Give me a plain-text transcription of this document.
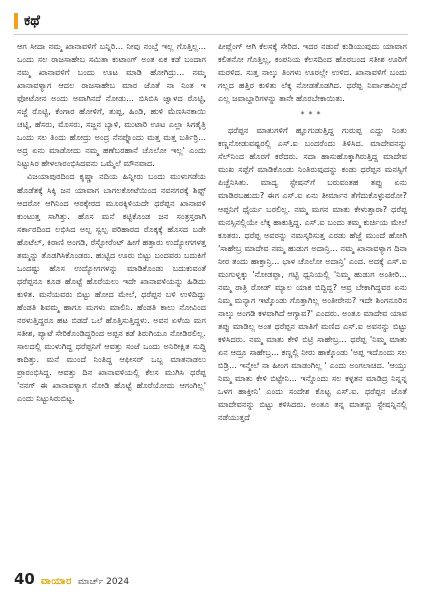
ಕಥೆ

ಆಗ ಸೀದಾ ನಮ್ಮ ಖಾನಾವಳಿಗೆ ಬನ್ನಿರಿ... ನೀವು ನಂಬ್ತೆ ಇಲ್ಲ ಗೊತ್ತಿಲ್ಲ... ಒಂದು ಸಲ ರಾಜಸಾಹೇಬ ಸಮಿತಾ ಕುಟಾಂಗ್ ಅಂತ ಏಕ ಕಡೆ ಬಂದಾಗ ನಮ್ಮ ಖಾನಾವಳಿಗೆ ಬಂದು ಊಟ ಮಾಡಿ ಹೋಗಿದ್ರು... ನಮ್ಮ ಖಾನಾವಳ್ಯಾಗ ಆದಲ ರಾಜಸಾಹೇಬ ಮಾರ ಜೊತೆ ನಾ ನಿಂತ ಇ ಫೋಟೋನ ಅಂದು ಅವಾಗಿನದೆ ನೋಡು... ಬಿಸಿಬಿಸಿ ಜ್ವಾಳದ ರೊಟ್ಟಿ, ಸಜ್ಜೆ ರೊಟ್ಟಿ, ಕೆಂಗಾರ ಹೋಳಿಗೆ, ತುಪ್ಪ, ಹಿಂಡಿ, ಹುಳಿ ಮೆಣಸಿನಕಾಯಿ ಚಟ್ನಿ, ಹೆಸರು, ಮೊಸರು, ಸಜ್ಜನ ಬ್ಯಾಳಿ, ಮುಟಾರಿ ಊಟ ಎಲ್ಲಾ ಸಿಗತೈತ್ರಿ ಒಂದು ಸಲ ತಿಂದು ಹೋದ್ರು ಅಂದ್ರ ನೆನಪ್ನೊಂದು ಮತ್ತ ಮತ್ತ ಬರ್ತಿರ್ರಿ... ಅದ್ರ ಏನು ಮಾಡೋದು ನಮ್ಮ ಹಣೆಬರಹಾನೆ ಚೊಲೋ ಇಲ್ಲ' ಎಂದು ನಿಟ್ಟುಸಿರ ಹೇಳಲಾರಂಭಿಸಿದವನು ಒಮ್ಮೆಲೆ ಮೌನವಾದ.

ವಿಜಯಾಪುರದಿಂದ ಕೃಷ್ಣಾ ನದಿಯ ಹಿನ್ನೀರು ಬಂದು ಮುಳುಗಡೆಯ ಹೊಡೆತಕ್ಕೆ ಸಿಕ್ಕಿ ಜನ ಯಾವಾಗ ಬಾಗಲಕೋಟೆಯಿಂದ ನವನಗರಕ್ಕೆ ಶಿಫ್ಟ್ ಆದರೋ ಆಗಿನಿಂದ ಆರಕ್ಕೇರದ ಮೂರಕ್ಕಿಳಿಯದೇ ಧರೆಪ್ಪನ ಖಾನಾವಳಿ ಕುಂಟುತ್ತ ಸಾಗಿತ್ತು. ಹೊಸ ಮನೆ ಕಟ್ಟಿಕೊಂಡ ಜನ ಸಂತ್ರಸ್ತರಾಗಿ ಸರ್ಕಾರದಿಂದ ಲಭಿಸಿದ ಅಲ್ಪ ಸ್ವಲ್ಪ ಪರಿಹಾರದ ರೊಕ್ಕಕ್ಕೆ ಹೊಸದ ಬಡೇ ಹೊಟೆಲ್, ಕಿರಾಣಿ ಅಂಗಡಿ, ರೆಸ್ಟೋರೆಂಟ್ ಹೀಗೆ ಹತ್ತಾರು ಉದ್ಯೋಗಗಳತ್ತ ತಮ್ಮನ್ನು ತೊಡಗಿಸಿಕೊಂಡರು. ಹುಟ್ಟಿದ ಊರು ಬಿಟ್ಟು ಬಂದವರು ಬದುಕಿಗೆ ಒಂದಷ್ಟು ಹೊಸ ಉದ್ಯೋಗಗಳನ್ನು ಮಾಡಿಕೊಂಡು ಬದುಕುವಂತೆ ಧರೆಪ್ಪನೂ ಕೂಡ ಹೊಟ್ಟೆ ಹೊರೆಯಲು ಇದೇ ಖಾನಾವಳಿಯನ್ನು ಹಿಡಿದು ಕುಳಿತ. ಮನೆಯವರು ಬಿಟ್ಟು ಹೋದ ಮೇಲೆ, ಧರೆಪ್ಪನ ಬಳಿ ಉಳಿದಿದ್ದು ಹೆಂಡತಿ ಶಿವಮ್ಮ ಹಾಗೂ ಮಗಳು ಮಾಲಿನಿ. ಹೆಂಡತಿ ಕಾಲು ನೋವಿಂದ ನರಳುತ್ತಿದ್ದರೂ ಹಟ ಬಿಡದೆ ಒಲೆ ಹೊತ್ತಿಸುತ್ತಿದ್ದಳು. ಅವನ ಏಳೆಯ ಮಗ ಸತೀಶ, ಪ್ಯಾಟೆ ಸೇರಿಕೊಂಡಿದ್ದರಿಂದ ಅಪ್ಪನ ಕಡೆ ತಿರುಗಿಯೂ ನೋಡಿರಲಿಲ್ಲ. ಸಾಲದಲ್ಲಿ ಮುಳುಗಿದ್ದ ಧರೆಪ್ಪನಿಗೆ ಆವತ್ತು ಸಂಜೆ ಒಂದು ಅನಿರೀಕ್ಷಿತ ಸುದ್ದಿ ಕಾದಿತ್ತು. ಮನೆ ಮುಂದೆ ನಿಂತಿದ್ದ ಆಫೀಸರ್ ಒಬ್ಬ ಮಾತನಾಡಲು ಪ್ರಾರಂಭಿಸಿದ್ದ. ಆವತ್ತು ದಿನ ಖಾನಾವಳಿಯಲ್ಲಿ ಕೆಲಸ ಮುಗಿಸಿ ಧರೆಪ್ಪ 'ನನಗ್ ಈ ಖಾನಾವಳ್ಯಾಗ ನೋಡಿ ಹೊಟ್ಟೆ ಹೊರೆಯೋದು ಆಗಂಗಿಲ್ಲ' ಎಂದು ನಿಟ್ಟುಸಿರುಬಿಟ್ಟ.

ಪೀಪ್ಲೆಂಗ್ ಆಗಿ ಕೆಲಸಕ್ಕೆ ಸೇರಿದ. ಇದರ ನಡುವೆ ಕುಡಿಯುವುದು ಯಾವಾಗ ಕಲಿತನೋ ಗೊತ್ತಿಲ್ಲ, ಕಂಪನಿಯ ಕೆಲಸದಿಂದ ಹೊರಬಂದ ಸತೀಶ ಊರಿಗೆ ಮರಳಿದ. ಸುತ್ತ ನಾಲ್ಕು ತಿಂಗಳು ಊರಲ್ಲೇ ಉಳಿದ. ಖಾನಾವಳಿಗೆ ಬಂದು ಗಲ್ಲದ ಹತ್ತಿರ ಕುಳಿತು ಲೆಕ್ಕ ನೋಡತೊಡಗಿದ. ಧರೆಪ್ಪ ನಿರ್ವಾಹವಿಲ್ಲದೆ ಎಲ್ಲ ಜವಾಬ್ದಾರಿಗಳನ್ನು ತಾನೇ ಹೊರಬೇಕಾಯಿತು.

***

ಧರೆಪ್ಪನ ಮಾತುಗಳಿಗೆ ಹ್ಞೂಗುಡುತ್ತಿದ್ದ ಗುರುಪ್ಪ ಎದ್ದು ನಿಂತು ಕಣ್ಣನೋಡುವಷ್ಟರಲ್ಲಿ ಎಸ್.ಐ ಬಂದರೆಂದು ತಿಳಿಸಿದ. ಮಾದೇವನನ್ನು ಸೆಲ್‌ನಿಂದ ಹೊರಗೆ ಕರೆದರು. ಸದಾ ಹಾಸುಹೊಕ್ಕಾಗಿರುತ್ತಿದ್ದ ಮಾದೇವ ಮುಖ ಸಪ್ಪೆಗೆ ಮಾಡಿಕೊಂಡು ನಿಂತಿರುವುದನ್ನು ಕಂಡು ಧರೆಪ್ಪನ ಮನಸ್ಸಿಗೆ ಪಿಚ್ಚೆನಿಸಿತು. ಮಾದ್ಯ ಸ್ಟೇಷನ್‌ಗೆ ಬರುವಂತಹ ತಪ್ಪು ಏನು ಮಾಡಿರಬಹುದು? ಈಗ ಎಸ್.ಐ ಏನು ತೀರ್ಮಾನ ತೆಗೆದುಕೊಳ್ಳುವರೋ? ಆಪ್ಪನಿಗೆ ಧೈರ್ಯ ಬರಲಿಲ್ಲ. ನಮ್ಮ ಮಗನ ಮಾತು ಕೇಳುತ್ತಾರಾ? ಧರೆಪ್ಪ ಮನಸ್ಸಿನಲ್ಲಿಯೇ ಲೆಕ್ಕ ಹಾಕುತ್ತಿದ್ದ. ಎಸ್.ಐ ಬಂದು ತಮ್ಮ ಕುರ್ಚಿಯ ಮೇಲೆ ಕೂತರು. ಧರೆಪ್ಪ ಅವರನ್ನು ನಮಸ್ಕರಿಸುತ್ತ ಎರಡು ಹೆಜ್ಜೆ ಮುಂದೆ ಹೋಗಿ 'ಸಾಹೇಬ್ರ ಮಾದೇವ ನಮ್ಮ ಹುಡುಗ ಅದಾನ್ರಿ... ನಮ್ಮ ಖಾನಾವಳ್ಯಾಗ ದಿನಾ ನೀರ ತಂದು ಹಾಕ್ತಾನ್ರಿ... ಭಾಳ ಚೊಲೋ ಅದಾನ್ರಿ' ಎಂದ. ಅದಕ್ಕೆ ಎಸ್.ಐ ಮುಗುಳ್ನಕ್ಕು 'ನೋಡಪ್ಪಾ, ಗಟ್ಟಿ ಧ್ವನಿಯಲ್ಲಿ 'ನಿಮ್ಮ ಹುಡುಗ ಅಂತೀರಿ... ನಮ್ಮ ರಾತ್ರಿ ರೋಡ್ ಮ್ಯಾಲ ಯಾಕ ಬಿದ್ದಿದ್ದ? ಆವ್ರ ಬೇಕಾಗಿದ್ದವರ ಏನು ನಿಮ್ಮ ಮನ್ಯಾಗ ಇಟ್ಕೊಂಡು ಗೊತ್ತಾಗಿಲ್ಲ ಅಂತೀರೇನು? ಇದೇ ಶಿಂಗನೂರಿನ ನಾಲ್ಕು ಅಂಗಡಿ ಕಳವಾಗಿದೆ ಆಗ್ಯಾವ?' ಎಂದರು. ಅಂತೂ ಮಾದೇವ ಯಾವ ತಪ್ಪು ಮಾಡಿಲ್ಲ ಅಂತ ಧರೆಪ್ಪನ ಮಾತಿಗೆ ಮಣಿದ ಎಸ್.ಐ ಅವನನ್ನು ಬಿಟ್ಟು ಕಳಿಸಿದರು. ನಮ್ಮ ಮಾತು ಕೇಳಿ ಬಿಟ್ರಿ ಸಾಹೇಬ್ರ... ಧರೆಪ್ಪ 'ನಿಮ್ಮ ಮಾತು ಏನ ಆದ್ರೂ ಸಾಹೇಬ್ರ... ಕಣ್ಣಲ್ಲಿ ನೀರು ಹಾಕ್ಕೊಂಡು 'ಅಪ್ಪ ಇದೊಂದು ಸಲ ಬಿಡ್ರಿ... ಇನ್ಮೇಲೆ ನಾ ಹೀಂಗ ಮಾಡಂಗಿಲ್ಲ ' ಎಂದು ಅಂಗಲಾಚಿದ. 'ಆಯ್ತು ನಿಮ್ಮ ಮಾತು ಕೇಳಿ ಬಿಟ್ಟೇನಿ... ಇನ್ನೊಂದು ಸಲ ಕಳ್ಳತನ ಮಾಡಿದ್ರ ನಿನ್ನನ್ನ ಒಳಗ ಹಾಕ್ತೀನಿ' ಎಂದು ಸಂದೇಶ ಕೊಟ್ಟ ಎಸ್.ಐ. ಧರೆಪ್ಪನ ಜೊತೆ ಮಾದೇವನನ್ನು ಬಿಟ್ಟು ಕಳಿಸಿದರು. ಅಂತೂ ತನ್ನ ಮಾತನ್ನು ಸ್ಟೇಷನ್ನಿನಲ್ಲಿ ನಡೆಯುತ್ತದೆ

40 ವಾಯಾರ ಮಾರ್ಚ್ 2024
